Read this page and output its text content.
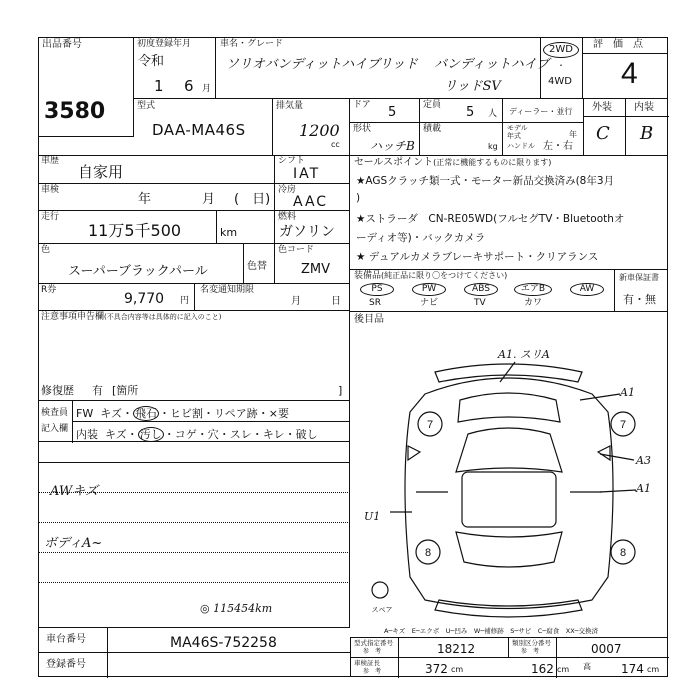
出品番号
3580
初度登録年月
令和
1 6 月
車名・グレード
ソリオバンディットハイブリッド バンディットハイブ
リッドSV
2WD
・
4WD
評　価　点
4
型式
DAA-MA46S
排気量
1200
cc
ドア 5	定員 5 人 ディーラー・並行
形状
ハッチB
積載
kg
モデル
年式	年
ハンドル 左・右
外装	内装
C B
車歴
自家用
車検
年	月 (　日)
走行
11万5千500	km
色
スーパーブラックパール	色替
R券
9,770 円
名変通知期限
月	日
シフト
IAT
冷房
AAC
燃料
ガソリン
色コード
ZMV
セールスポイント(正常に機能するものに限ります)
★AGSクラッチ類一式・モーター新品交換済み(8年3月
)
★ストラーダ　CN-RE05WD(フルセグTV・Bluetoothオ
ーディオ等)・バックカメラ
★ デュアルカメラブレーキサポート・クリアランス
装備品(純正品に限り〇をつけてください)
PS	PW	ABS	エアB	AW
SR	ナビ	TV	カワ
新車保証書
有・無
注意事項申告欄(不具合内容等は具体的に記入のこと)
修復歴 有 [箇所	]
後目品
検査員
記入欄
FW キズ・ 飛石 ・ヒビ割・リペア跡・×要
内装 キズ・ 汚し ・コゲ・穴・スレ・キレ・破し
AWキズ
ボディA~
◎ 115454km
A1. スリA
A1
A3
A1
U1
7	7
8	8
スペア
A─キズ　E─エクボ　U─凹み　W─補修跡　S─サビ　C─腐食　XX─交換済
車台番号	MA46S-752258
登録番号
型式指定番号
参　考	18212	類別区分番号
参　考	0007
車検証長
参　考	372 cm	162 cm 高	174 cm
